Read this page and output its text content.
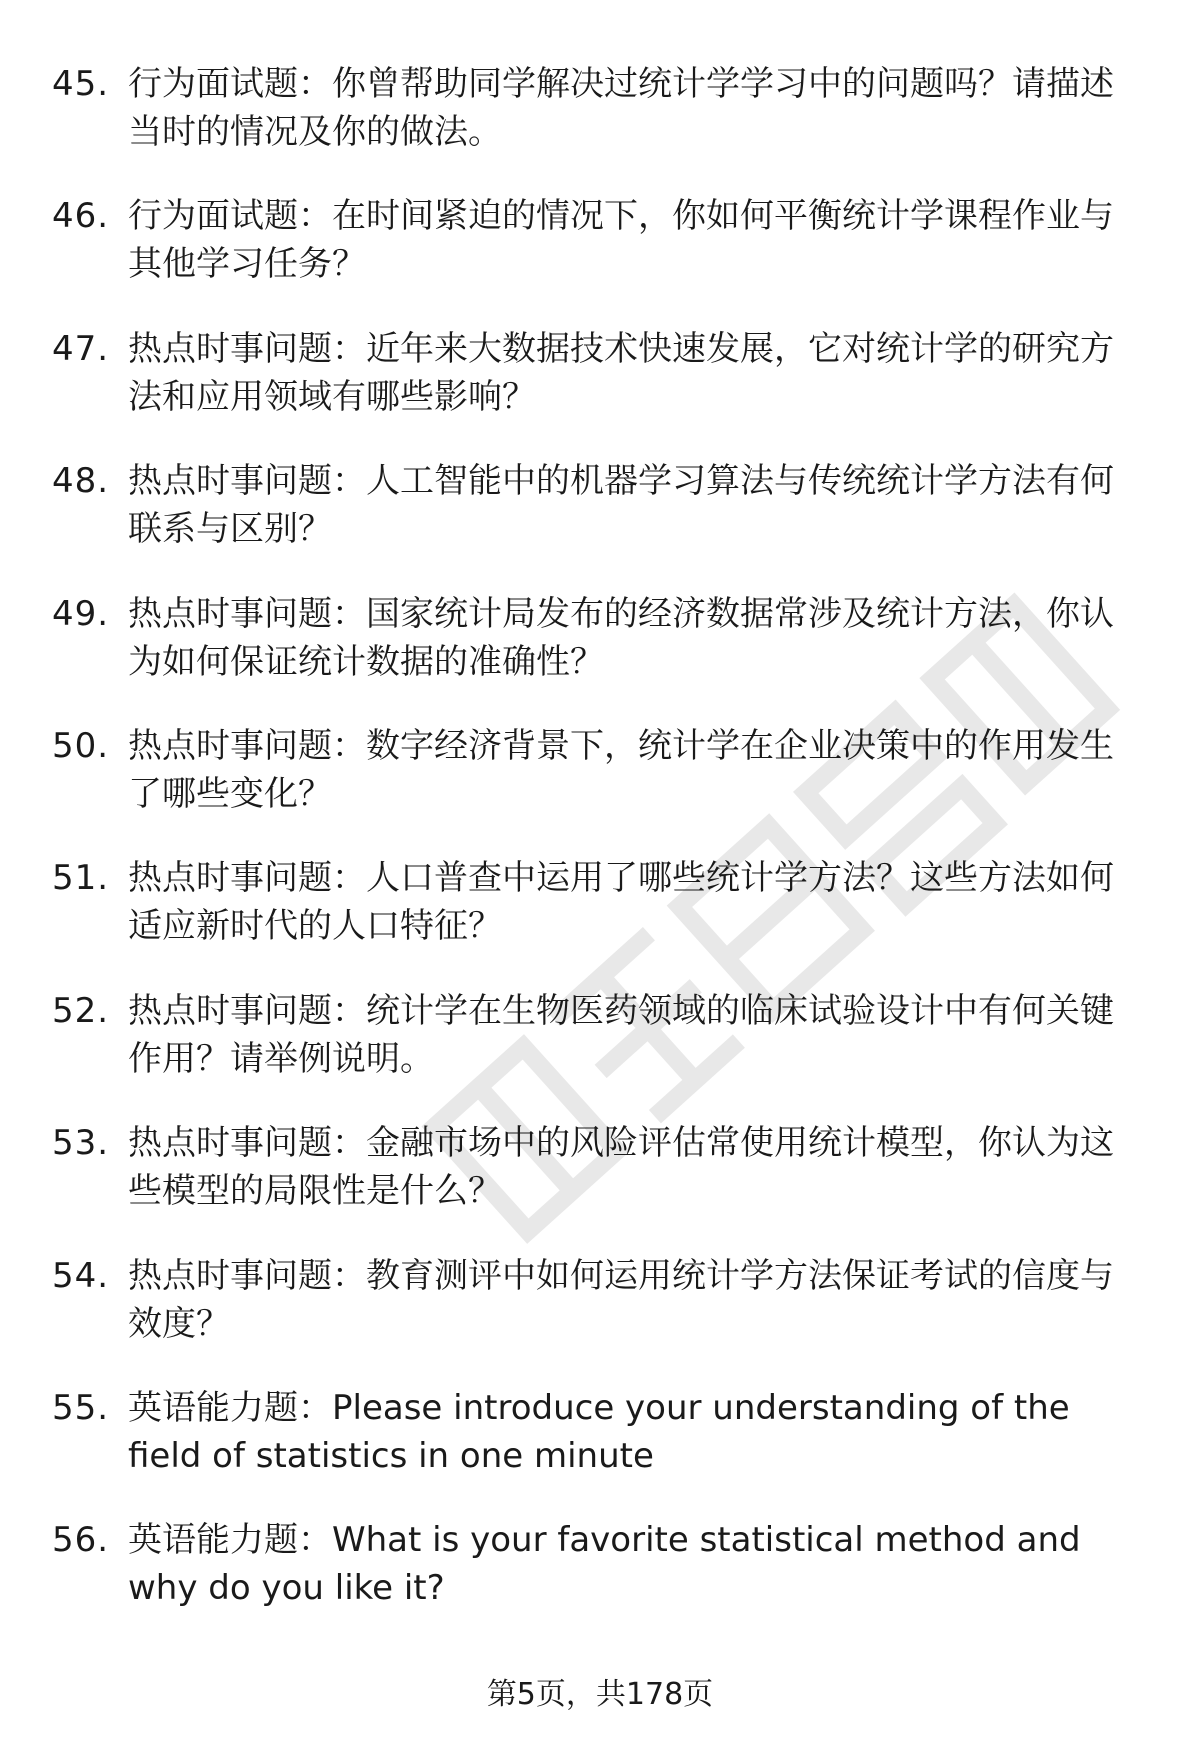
45. 行为面试题：你曾帮助同学解决过统计学学习中的问题吗？请描述当时的情况及你的做法。
46. 行为面试题：在时间紧迫的情况下，你如何平衡统计学课程作业与其他学习任务？
47. 热点时事问题：近年来大数据技术快速发展，它对统计学的研究方法和应用领域有哪些影响？
48. 热点时事问题：人工智能中的机器学习算法与传统统计学方法有何联系与区别？
49. 热点时事问题：国家统计局发布的经济数据常涉及统计方法，你认为如何保证统计数据的准确性？
50. 热点时事问题：数字经济背景下，统计学在企业决策中的作用发生了哪些变化？
51. 热点时事问题：人口普查中运用了哪些统计学方法？这些方法如何适应新时代的人口特征？
52. 热点时事问题：统计学在生物医药领域的临床试验设计中有何关键作用？请举例说明。
53. 热点时事问题：金融市场中的风险评估常使用统计模型，你认为这些模型的局限性是什么？
54. 热点时事问题：教育测评中如何运用统计学方法保证考试的信度与效度？
55. 英语能力题：Please introduce your understanding of the field of statistics in one minute
56. 英语能力题：What is your favorite statistical method and why do you like it?
第5页，共178页
